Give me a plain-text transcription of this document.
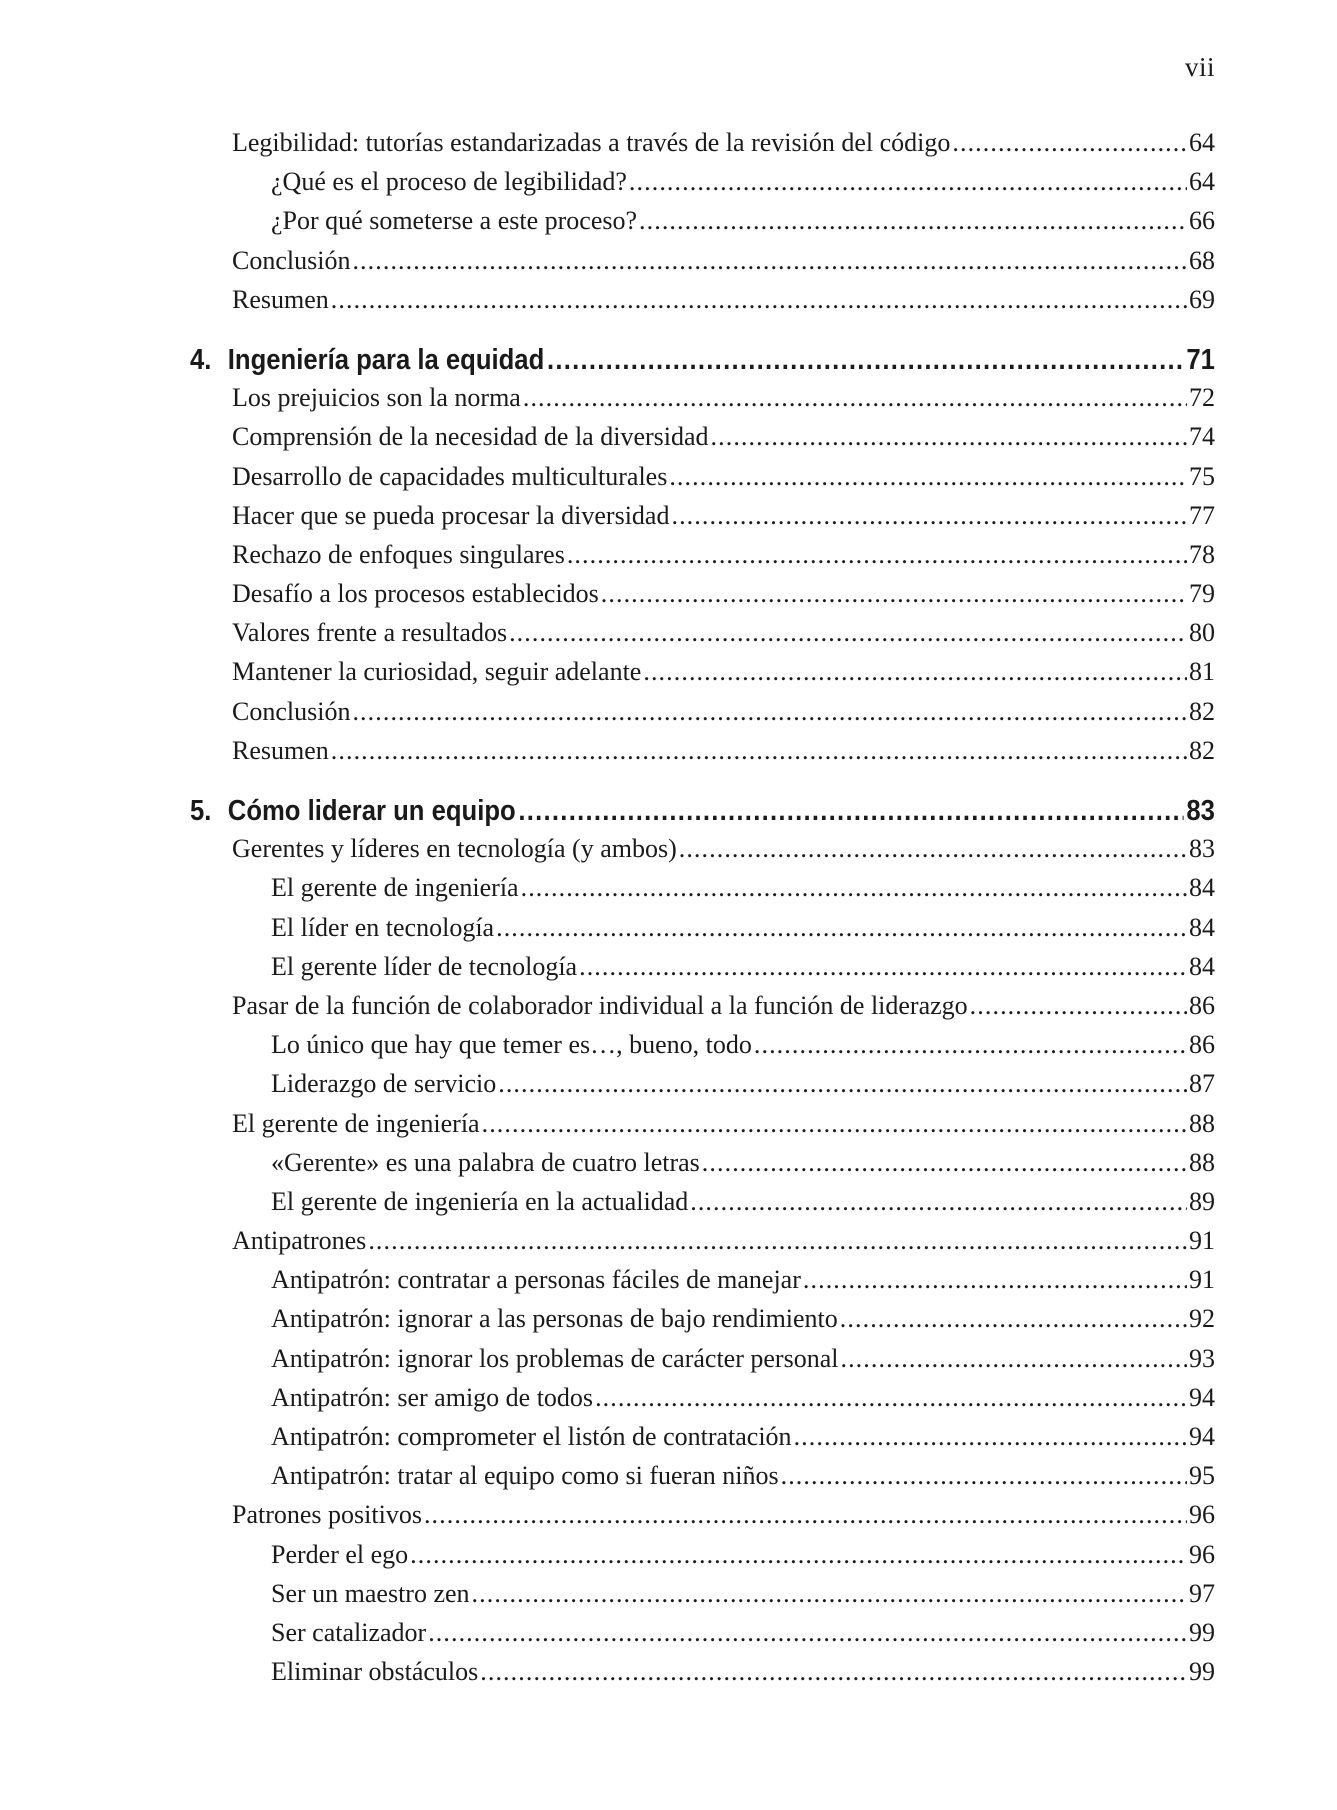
vii
Legibilidad: tutorías estandarizadas a través de la revisión del código .....	64
¿Qué es el proceso de legibilidad? .....	64
¿Por qué someterse a este proceso? .....	66
Conclusión .....	68
Resumen .....	69
4. Ingeniería para la equidad .....	71
Los prejuicios son la norma .....	72
Comprensión de la necesidad de la diversidad .....	74
Desarrollo de capacidades multiculturales .....	75
Hacer que se pueda procesar la diversidad .....	77
Rechazo de enfoques singulares .....	78
Desafío a los procesos establecidos .....	79
Valores frente a resultados .....	80
Mantener la curiosidad, seguir adelante .....	81
Conclusión .....	82
Resumen .....	82
5. Cómo liderar un equipo .....	83
Gerentes y líderes en tecnología (y ambos) .....	83
El gerente de ingeniería .....	84
El líder en tecnología .....	84
El gerente líder de tecnología .....	84
Pasar de la función de colaborador individual a la función de liderazgo .....	86
Lo único que hay que temer es…, bueno, todo .....	86
Liderazgo de servicio .....	87
El gerente de ingeniería .....	88
«Gerente» es una palabra de cuatro letras .....	88
El gerente de ingeniería en la actualidad .....	89
Antipatrones .....	91
Antipatrón: contratar a personas fáciles de manejar .....	91
Antipatrón: ignorar a las personas de bajo rendimiento .....	92
Antipatrón: ignorar los problemas de carácter personal .....	93
Antipatrón: ser amigo de todos .....	94
Antipatrón: comprometer el listón de contratación .....	94
Antipatrón: tratar al equipo como si fueran niños .....	95
Patrones positivos .....	96
Perder el ego .....	96
Ser un maestro zen .....	97
Ser catalizador .....	99
Eliminar obstáculos .....	99
